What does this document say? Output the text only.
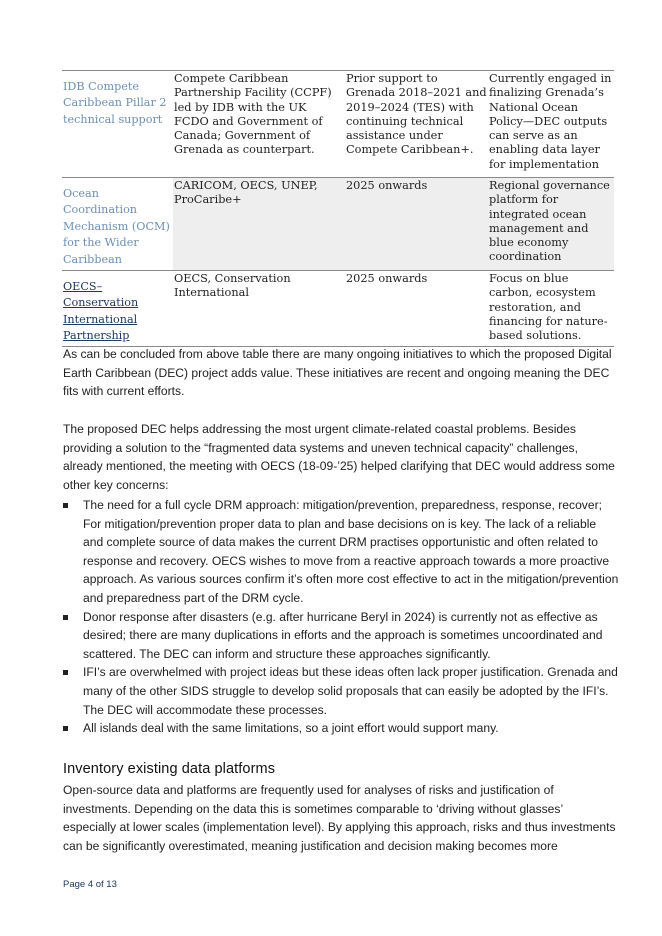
IDB Compete Caribbean Pillar 2 technical support	Compete Caribbean Partnership Facility (CCPF) led by IDB with the UK FCDO and Government of Canada; Government of Grenada as counterpart.	Prior support to Grenada 2018–2021 and 2019–2024 (TES) with continuing technical assistance under Compete Caribbean+.	Currently engaged in finalizing Grenada’s National Ocean Policy—DEC outputs can serve as an enabling data layer for implementation
Ocean Coordination Mechanism (OCM) for the Wider Caribbean	CARICOM, OECS, UNEP, ProCaribe+	2025 onwards	Regional governance platform for integrated ocean management and blue economy coordination
OECS–Conservation International Partnership	OECS, Conservation International	2025 onwards	Focus on blue carbon, ecosystem restoration, and financing for nature-based solutions.

As can be concluded from above table there are many ongoing initiatives to which the proposed Digital Earth Caribbean (DEC) project adds value. These initiatives are recent and ongoing meaning the DEC fits with current efforts.

The proposed DEC helps addressing the most urgent climate-related coastal problems. Besides providing a solution to the “fragmented data systems and uneven technical capacity” challenges, already mentioned, the meeting with OECS (18-09-’25) helped clarifying that DEC would address some other key concerns:

The need for a full cycle DRM approach: mitigation/prevention, preparedness, response, recover; For mitigation/prevention proper data to plan and base decisions on is key. The lack of a reliable and complete source of data makes the current DRM practises opportunistic and often related to response and recovery. OECS wishes to move from a reactive approach towards a more proactive approach. As various sources confirm it’s often more cost effective to act in the mitigation/prevention and preparedness part of the DRM cycle.
Donor response after disasters (e.g. after hurricane Beryl in 2024) is currently not as effective as desired; there are many duplications in efforts and the approach is sometimes uncoordinated and scattered. The DEC can inform and structure these approaches significantly.
IFI’s are overwhelmed with project ideas but these ideas often lack proper justification. Grenada and many of the other SIDS struggle to develop solid proposals that can easily be adopted by the IFI’s. The DEC will accommodate these processes.
All islands deal with the same limitations, so a joint effort would support many.
Inventory existing data platforms

Open-source data and platforms are frequently used for analyses of risks and justification of investments. Depending on the data this is sometimes comparable to ‘driving without glasses’ especially at lower scales (implementation level). By applying this approach, risks and thus investments can be significantly overestimated, meaning justification and decision making becomes more

Page 4 of 13
